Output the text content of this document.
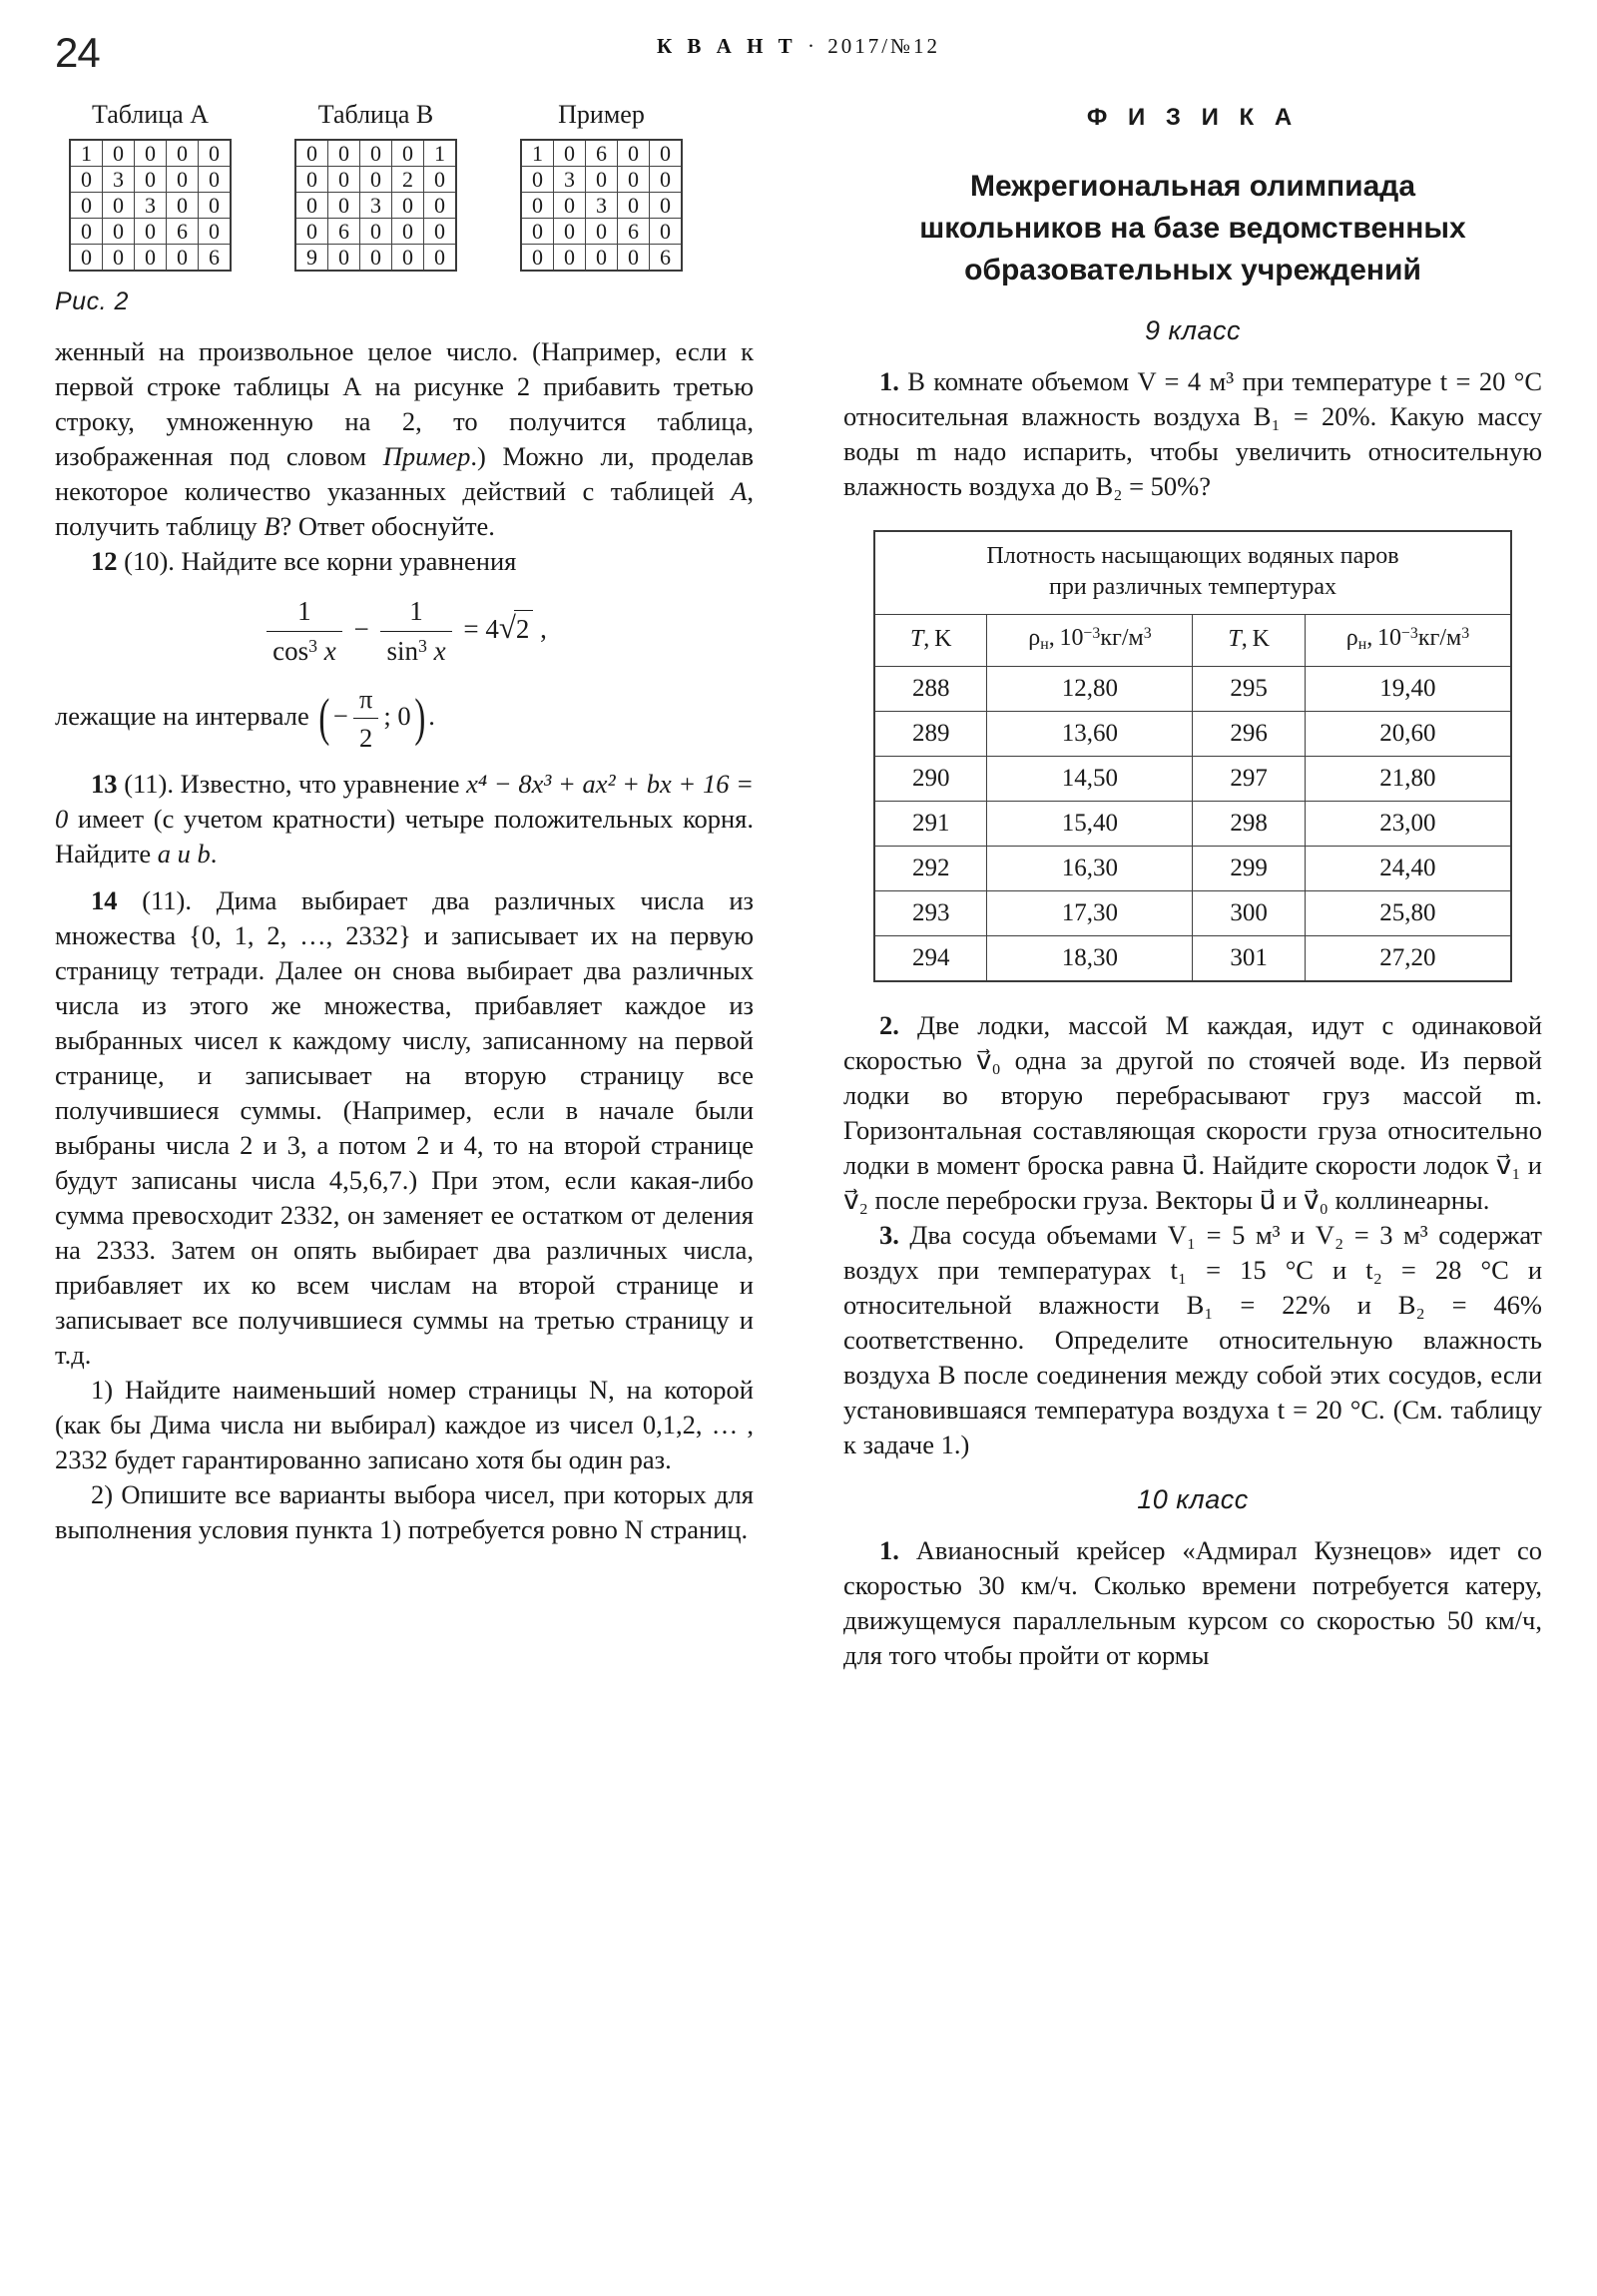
24	К В А Н Т · 2017/№12
Таблица А
1	0	0	0	0
0	3	0	0	0
0	0	3	0	0
0	0	0	6	0
0	0	0	0	6
Таблица В
0	0	0	0	1
0	0	0	2	0
0	0	3	0	0
0	6	0	0	0
9	0	0	0	0
Пример
1	0	6	0	0
0	3	0	0	0
0	0	3	0	0
0	0	0	6	0
0	0	0	0	6
Рис. 2

женный на произвольное целое число. (Например, если к первой строке таблицы А на рисунке 2 прибавить третью строку, умноженную на 2, то получится таблица, изображенная под словом Пример.) Можно ли, проделав некоторое количество указанных действий с таблицей A, получить таблицу B? Ответ обоснуйте.

12 (10). Найдите все корни уравнения

$\frac{1}{\cos^3 x} - \frac{1}{\sin^3 x} = 4√2$ ,

лежащие на интервале ( − $\frac{\pi}{2}$ ; 0) .

13 (11). Известно, что уравнение x⁴ − 8x³ + ax² + bx + 16 = 0 имеет (с учетом кратности) четыре положительных корня. Найдите a и b.

14 (11). Дима выбирает два различных числа из множества {0, 1, 2, …, 2332} и записывает их на первую страницу тетради. Далее он снова выбирает два различных числа из этого же множества, прибавляет каждое из выбранных чисел к каждому числу, записанному на первой странице, и записывает на вторую страницу все получившиеся суммы. (Например, если в начале были выбраны числа 2 и 3, а потом 2 и 4, то на второй странице будут записаны числа 4,5,6,7.) При этом, если какая-либо сумма превосходит 2332, он заменяет ее остатком от деления на 2333. Затем он опять выбирает два различных числа, прибавляет их ко всем числам на второй странице и записывает все получившиеся суммы на третью страницу и т.д.

1) Найдите наименьший номер страницы N, на которой (как бы Дима числа ни выбирал) каждое из чисел 0,1,2, … , 2332 будет гарантированно записано хотя бы один раз.

2) Опишите все варианты выбора чисел, при которых для выполнения условия пункта 1) потребуется ровно N страниц.

Ф И З И К А
Межрегиональная олимпиада
школьников на базе ведомственных
образовательных учреждений
9 класс

1. В комнате объемом V = 4 м³ при температуре t = 20 °C относительная влажность воздуха B₁ = 20%. Какую массу воды m надо испарить, чтобы увеличить относительную влажность воздуха до B₂ = 50%?

Плотность насыщающих водяных паров
при различных темпертурах			

T, K	$\rho_н$, $10^{-3}кг/м^3$	T, K	$\rho_н$, $10^{-3}кг/м^3$
288	12,80	295	19,40
289	13,60	296	20,60
290	14,50	297	21,80
291	15,40	298	23,00
292	16,30	299	24,40
293	17,30	300	25,80
294	18,30	301	27,20

2. Две лодки, массой M каждая, идут с одинаковой скоростью v⃗₀ одна за другой по стоячей воде. Из первой лодки во вторую перебрасывают груз массой m. Горизонтальная составляющая скорости груза относительно лодки в момент броска равна u⃗. Найдите скорости лодок v⃗₁ и v⃗₂ после переброски груза. Векторы u⃗ и v⃗₀ коллинеарны.

3. Два сосуда объемами V₁ = 5 м³ и V₂ = 3 м³ содержат воздух при температурах t₁ = 15 °C и t₂ = 28 °C и относительной влажности B₁ = 22% и B₂ = 46% соответственно. Определите относительную влажность воздуха B после соединения между собой этих сосудов, если установившаяся температура воздуха t = 20 °C. (См. таблицу к задаче 1.)

10 класс

1. Авианосный крейсер «Адмирал Кузнецов» идет со скоростью 30 км/ч. Сколько времени потребуется катеру, движущемуся параллельным курсом со скоростью 50 км/ч, для того чтобы пройти от кормы
